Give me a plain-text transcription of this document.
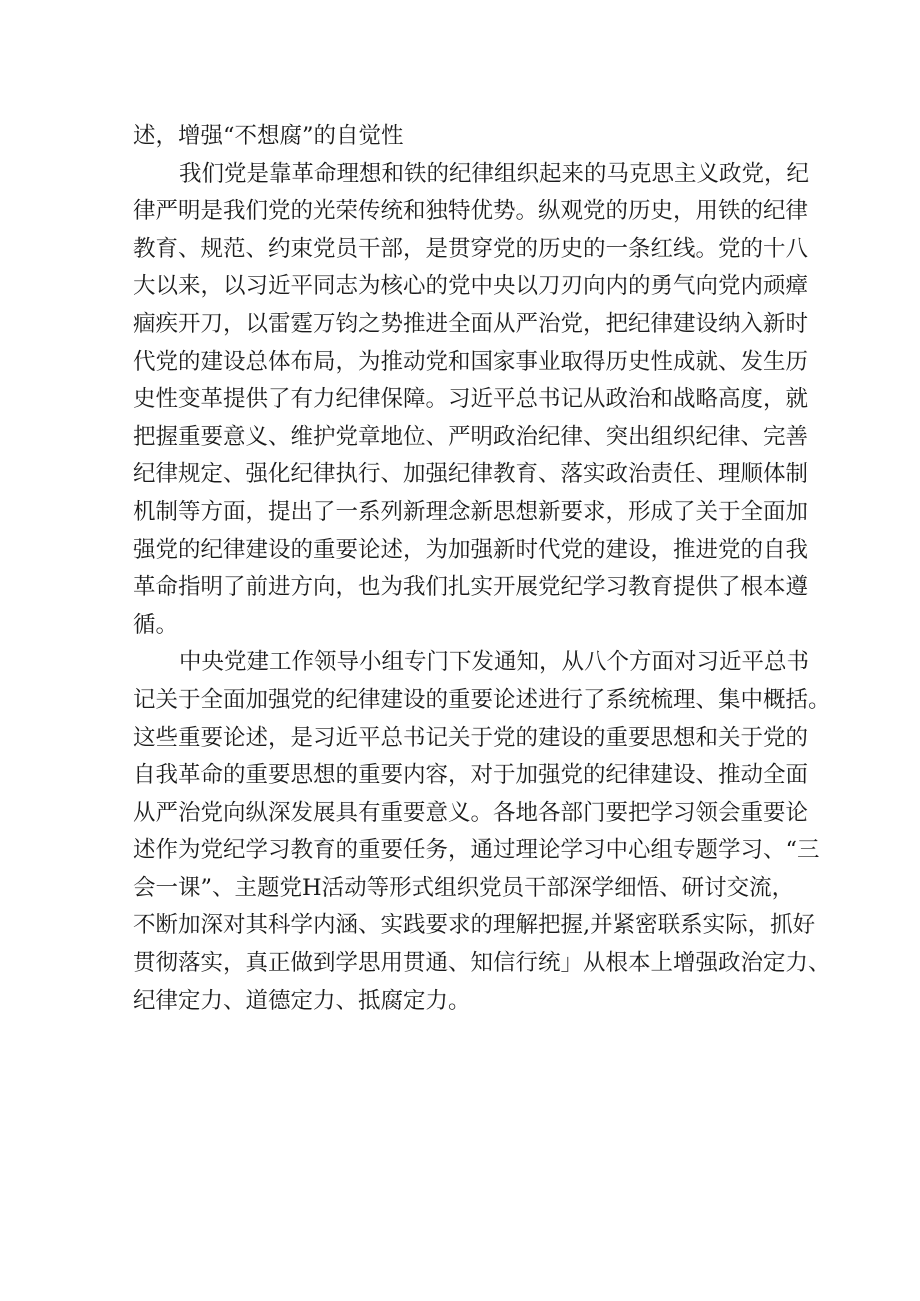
述，增强“不想腐”的自觉性
我们党是靠革命理想和铁的纪律组织起来的马克思主义政党，纪
律严明是我们党的光荣传统和独特优势。纵观党的历史，用铁的纪律
教育、规范、约束党员干部，是贯穿党的历史的一条红线。党的十八
大以来，以习近平同志为核心的党中央以刀刃向内的勇气向党内顽瘴
痼疾开刀，以雷霆万钧之势推进全面从严治党，把纪律建设纳入新时
代党的建设总体布局，为推动党和国家事业取得历史性成就、发生历
史性变革提供了有力纪律保障。习近平总书记从政治和战略高度，就
把握重要意义、维护党章地位、严明政治纪律、突出组织纪律、完善
纪律规定、强化纪律执行、加强纪律教育、落实政治责任、理顺体制
机制等方面，提出了一系列新理念新思想新要求，形成了关于全面加
强党的纪律建设的重要论述，为加强新时代党的建设，推进党的自我
革命指明了前进方向，也为我们扎实开展党纪学习教育提供了根本遵
循。
中央党建工作领导小组专门下发通知，从八个方面对习近平总书
记关于全面加强党的纪律建设的重要论述进行了系统梳理、集中概括。
这些重要论述，是习近平总书记关于党的建设的重要思想和关于党的
自我革命的重要思想的重要内容，对于加强党的纪律建设、推动全面
从严治党向纵深发展具有重要意义。各地各部门要把学习领会重要论
述作为党纪学习教育的重要任务，通过理论学习中心组专题学习、“三
会一课”、主题党H活动等形式组织党员干部深学细悟、研讨交流，
不断加深对其科学内涵、实践要求的理解把握,并紧密联系实际，抓好
贯彻落实，真正做到学思用贯通、知信行统」从根本上增强政治定力、
纪律定力、道德定力、抵腐定力。
